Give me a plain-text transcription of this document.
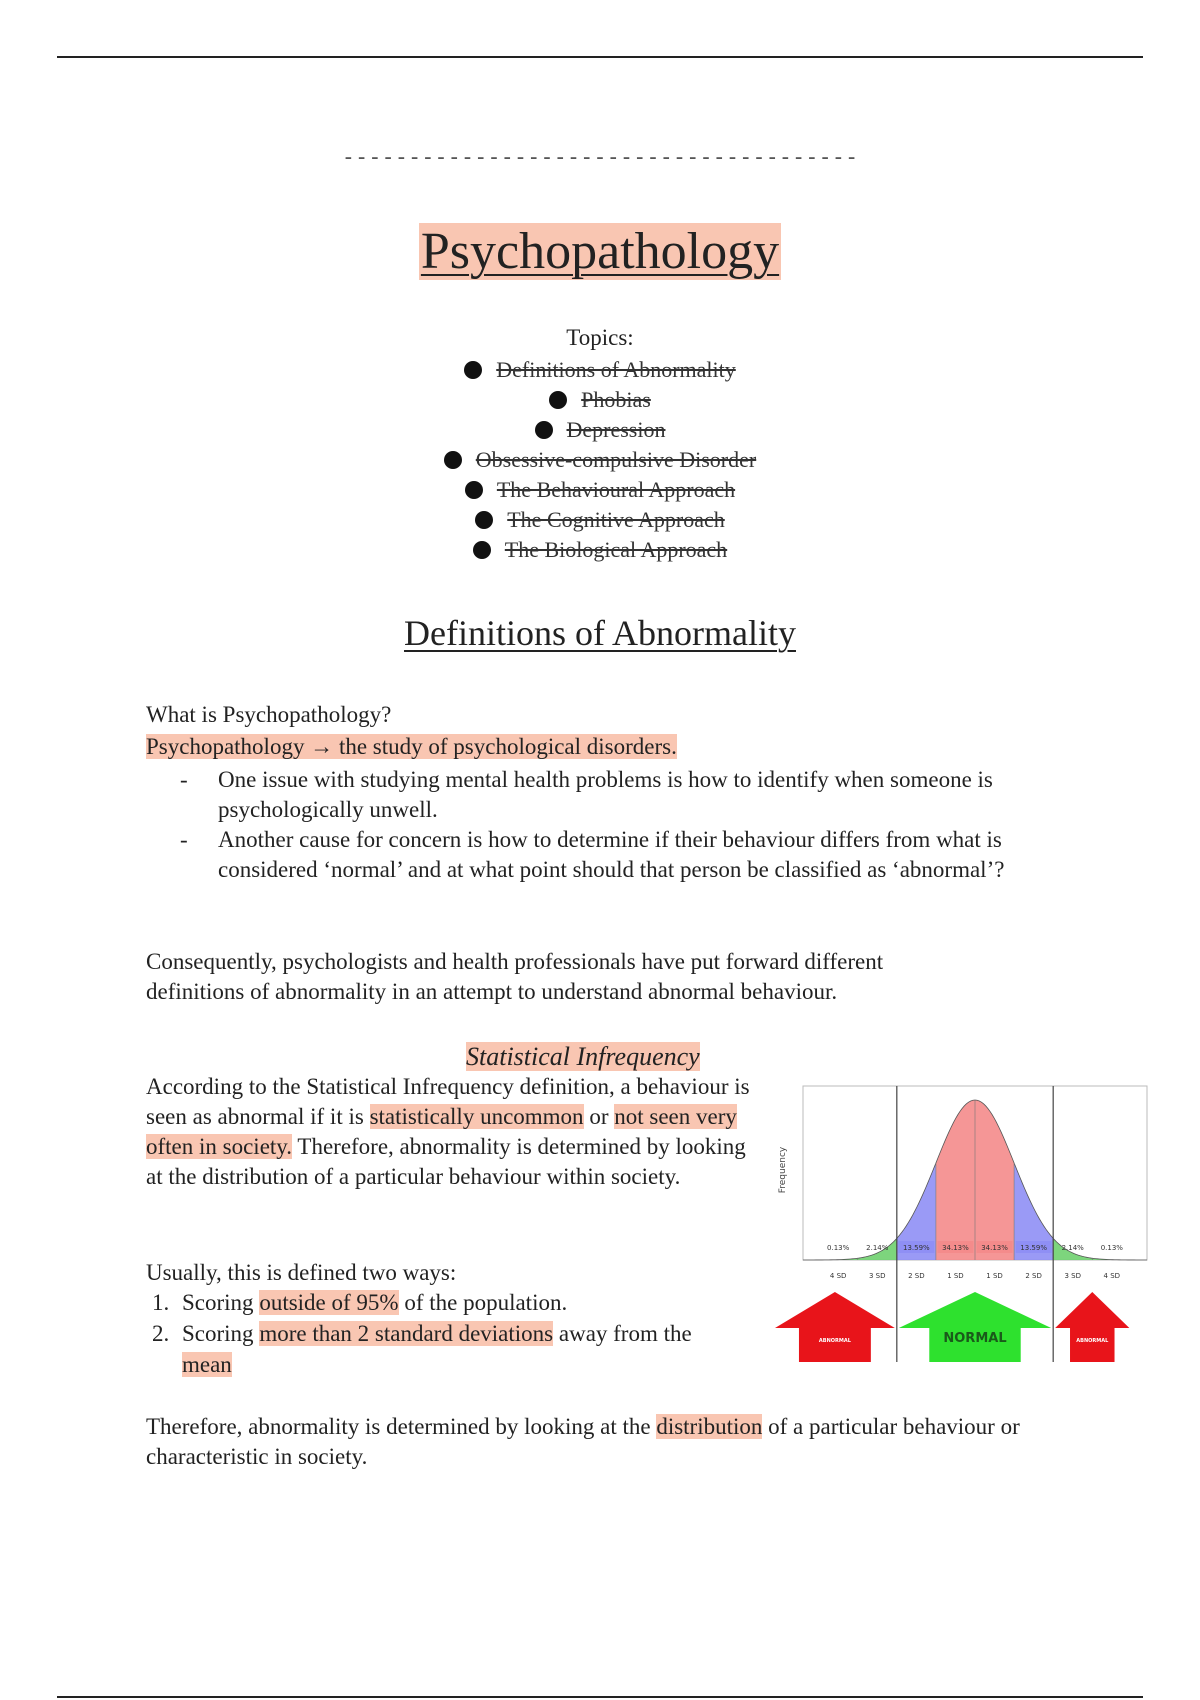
---------------------------------------
Psychopathology
Topics:
Definitions of Abnormality
Phobias
Depression
Obsessive-compulsive Disorder
The Behavioural Approach
The Cognitive Approach
The Biological Approach
Definitions of Abnormality
What is Psychopathology?
Psychopathology → the study of psychological disorders.
- One issue with studying mental health problems is how to identify when someone is psychologically unwell.
- Another cause for concern is how to determine if their behaviour differs from what is considered ‘normal’ and at what point should that person be classified as ‘abnormal’?
Consequently, psychologists and health professionals have put forward different definitions of abnormality in an attempt to understand abnormal behaviour.
Statistical Infrequency
According to the Statistical Infrequency definition, a behaviour is seen as abnormal if it is statistically uncommon or not seen very often in society. Therefore, abnormality is determined by looking at the distribution of a particular behaviour within society.
Usually, this is defined two ways:
1. Scoring outside of 95% of the population.
2. Scoring more than 2 standard deviations away from the mean
Therefore, abnormality is determined by looking at the distribution of a particular behaviour or characteristic in society.
0.13% 2.14% 13.59% 34.13% 34.13% 13.59% 2.14% 0.13%
4 SD	3 SD	2 SD	1 SD	1 SD	2 SD	3 SD	4 SD
Frequency
ABNORMAL	NORMAL	ABNORMAL
